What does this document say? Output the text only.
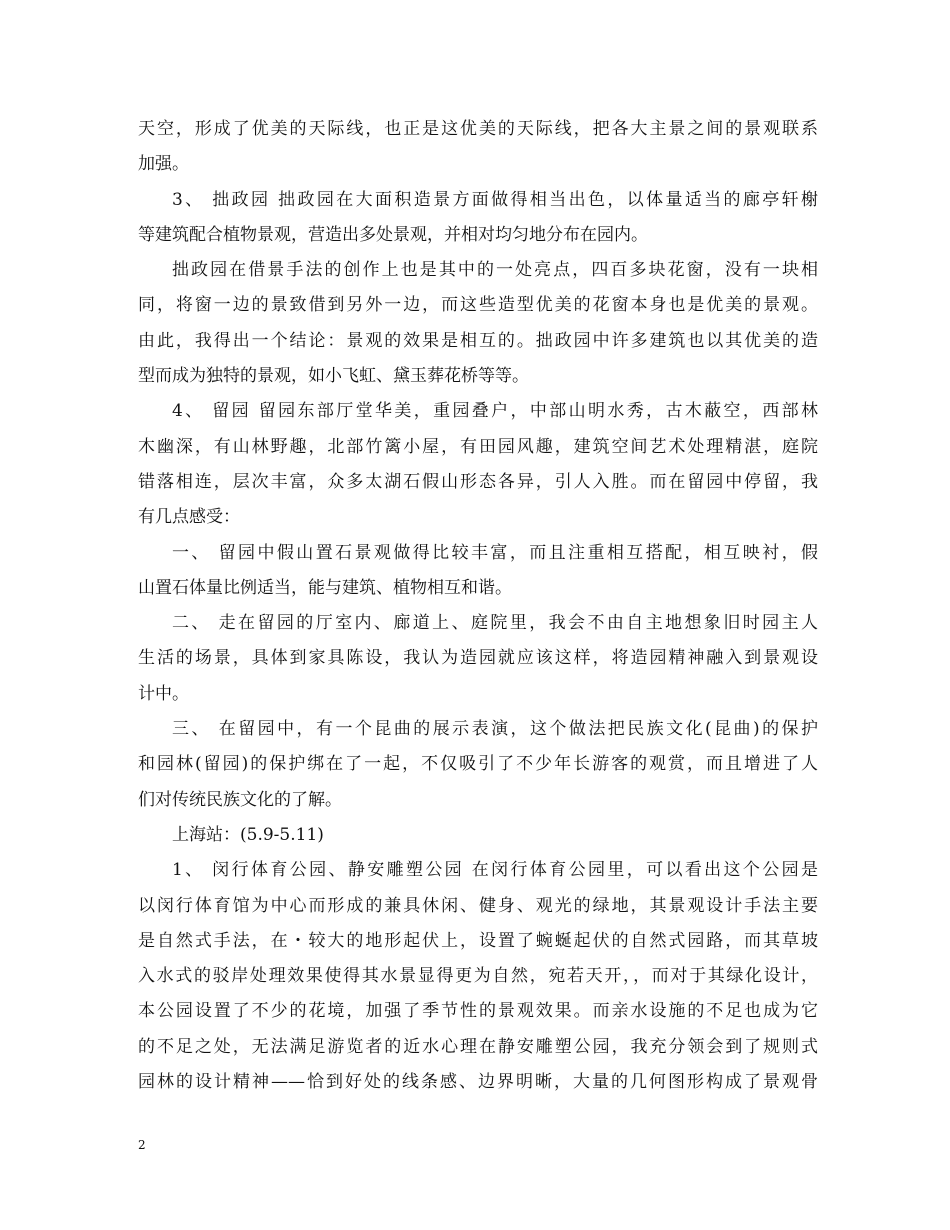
天空，形成了优美的天际线，也正是这优美的天际线，把各大主景之间的景观联系
加强。
3、 拙政园 拙政园在大面积造景方面做得相当出色，以体量适当的廊亭轩榭
等建筑配合植物景观，营造出多处景观，并相对均匀地分布在园内。
拙政园在借景手法的创作上也是其中的一处亮点，四百多块花窗，没有一块相
同，将窗一边的景致借到另外一边，而这些造型优美的花窗本身也是优美的景观。
由此，我得出一个结论：景观的效果是相互的。拙政园中许多建筑也以其优美的造
型而成为独特的景观，如小飞虹、黛玉葬花桥等等。
4、 留园 留园东部厅堂华美，重园叠户，中部山明水秀，古木蔽空，西部林
木幽深，有山林野趣，北部竹篱小屋，有田园风趣，建筑空间艺术处理精湛，庭院
错落相连，层次丰富，众多太湖石假山形态各异，引人入胜。而在留园中停留，我
有几点感受：
一、 留园中假山置石景观做得比较丰富，而且注重相互搭配，相互映衬，假
山置石体量比例适当，能与建筑、植物相互和谐。
二、 走在留园的厅室内、廊道上、庭院里，我会不由自主地想象旧时园主人
生活的场景，具体到家具陈设，我认为造园就应该这样，将造园精神融入到景观设
计中。
三、 在留园中，有一个昆曲的展示表演，这个做法把民族文化(昆曲)的保护
和园林(留园)的保护绑在了一起，不仅吸引了不少年长游客的观赏，而且增进了人
们对传统民族文化的了解。
上海站：(5.9-5.11)
1、 闵行体育公园、静安雕塑公园 在闵行体育公园里，可以看出这个公园是
以闵行体育馆为中心而形成的兼具休闲、健身、观光的绿地，其景观设计手法主要
是自然式手法，在・较大的地形起伏上，设置了蜿蜒起伏的自然式园路，而其草坡
入水式的驳岸处理效果使得其水景显得更为自然，宛若天开，，而对于其绿化设计，
本公园设置了不少的花境，加强了季节性的景观效果。而亲水设施的不足也成为它
的不足之处，无法满足游览者的近水心理在静安雕塑公园，我充分领会到了规则式
园林的设计精神——恰到好处的线条感、边界明晰，大量的几何图形构成了景观骨
2
